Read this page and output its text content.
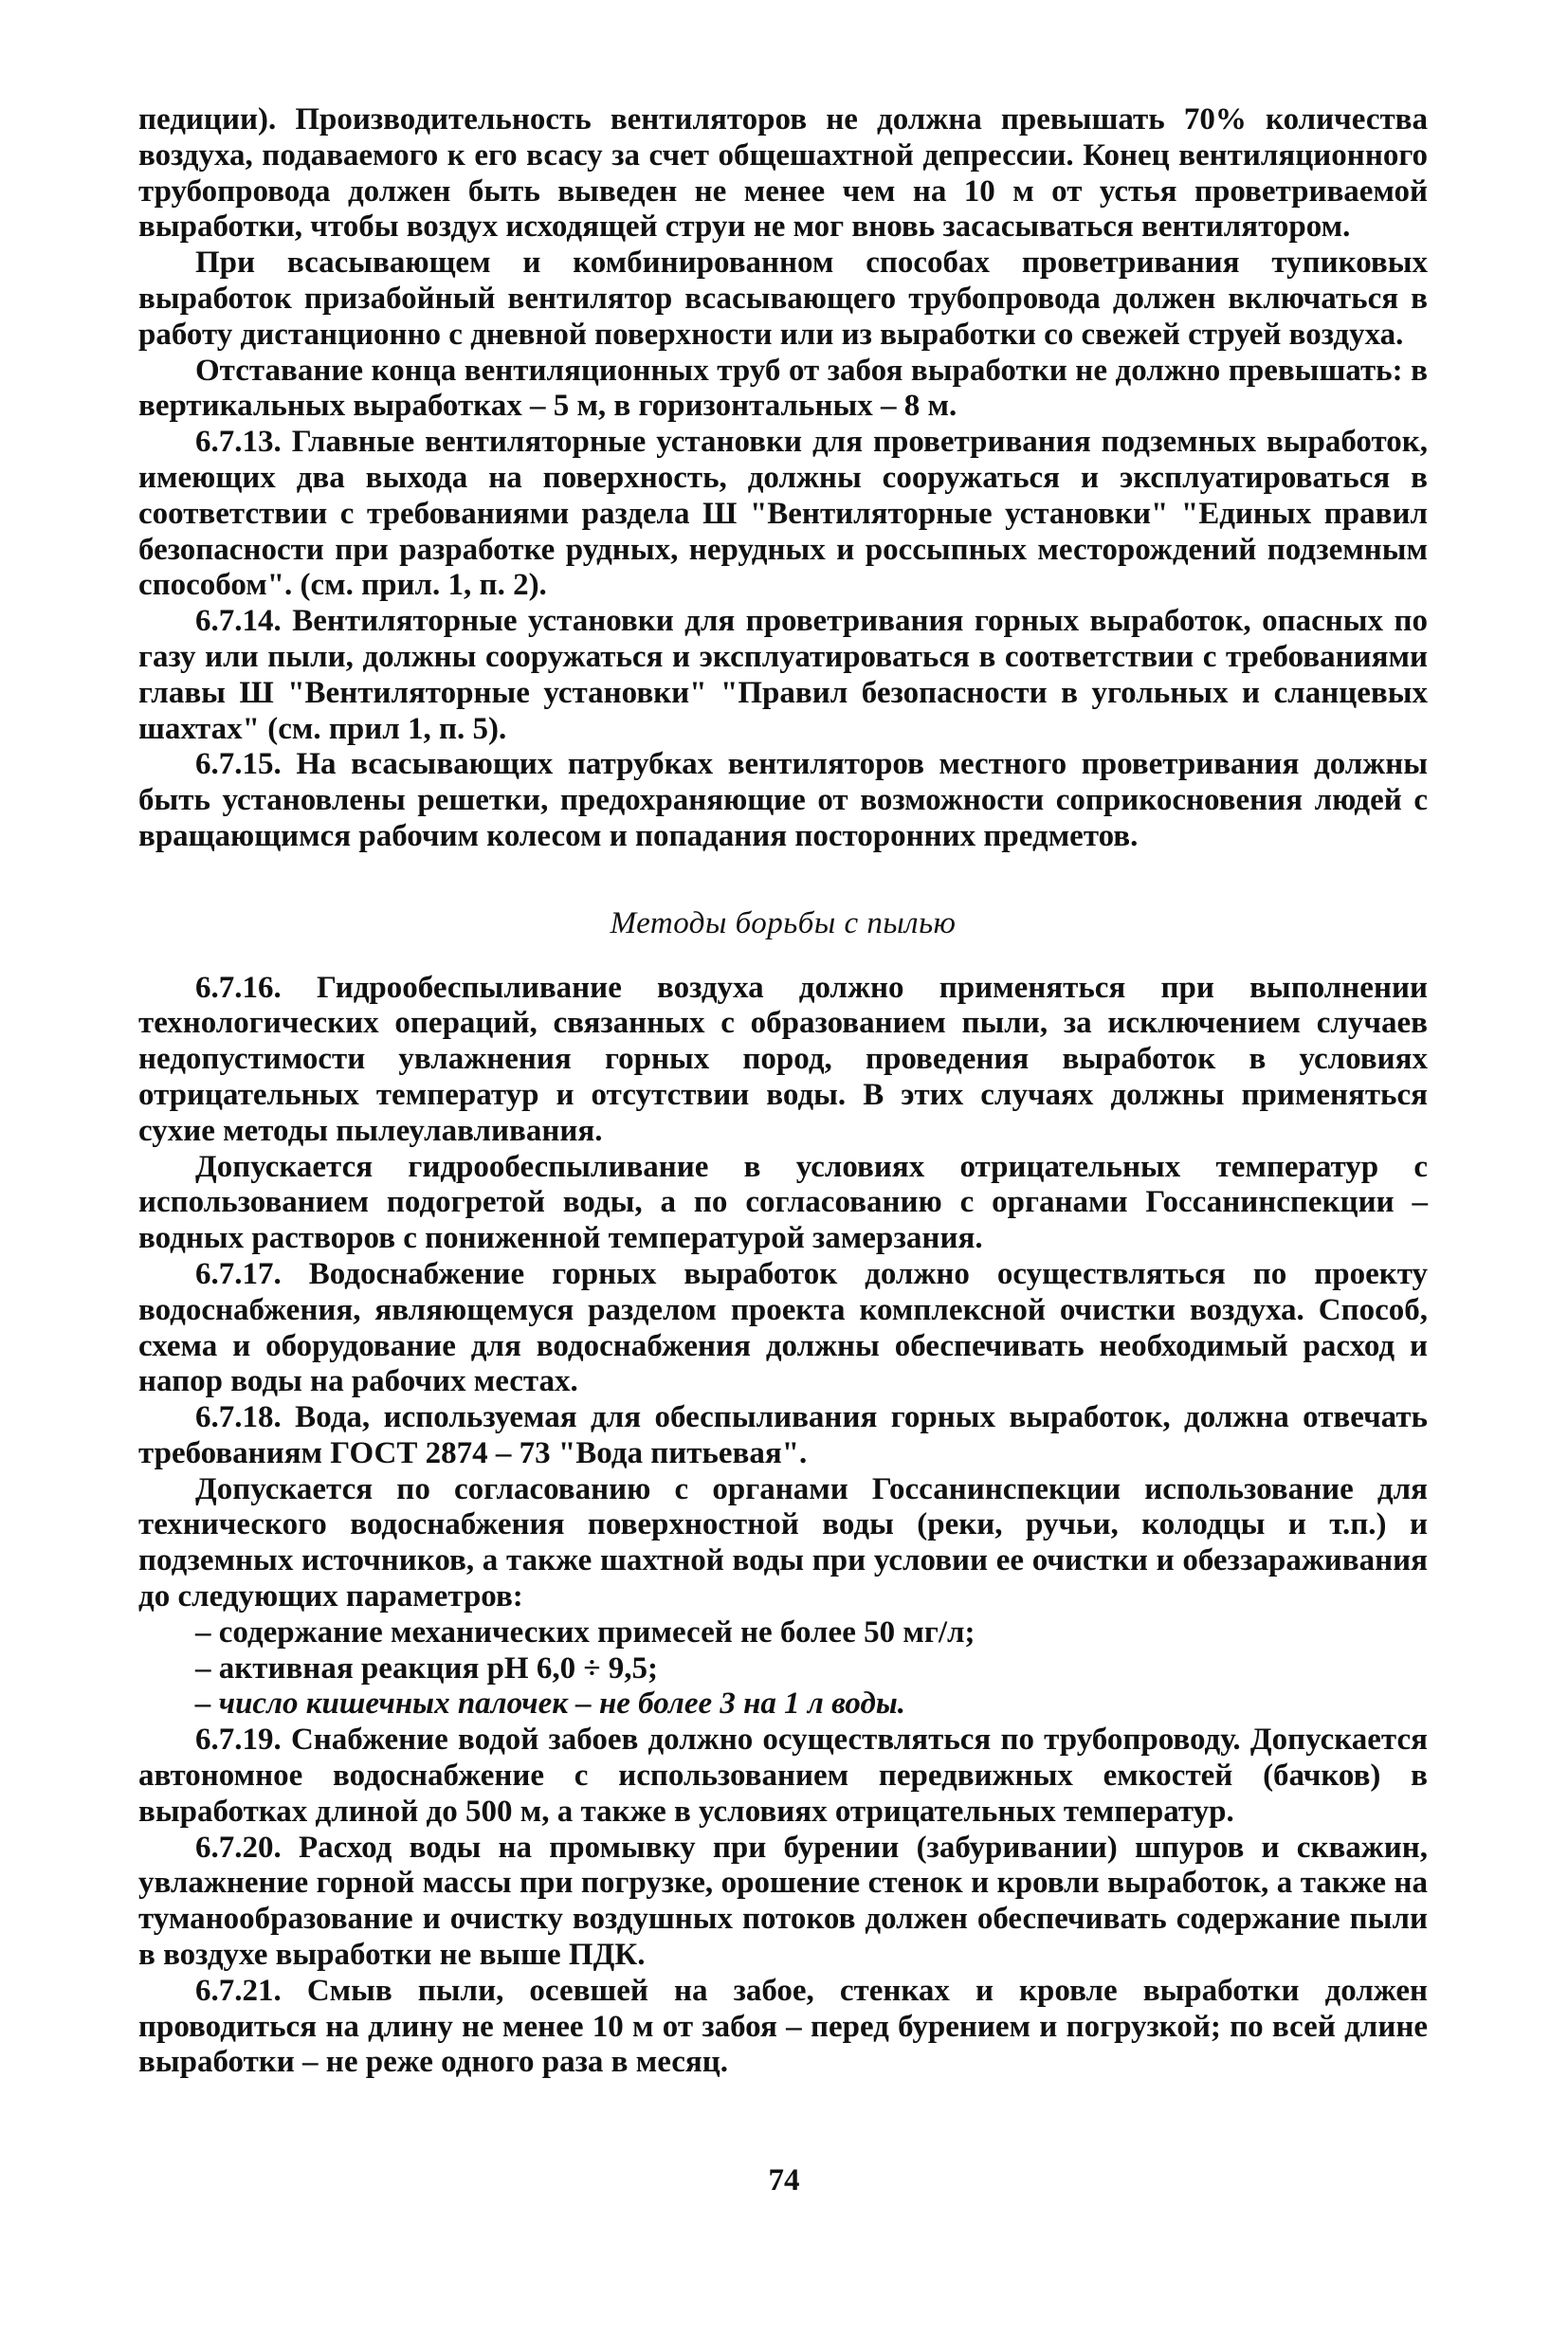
педиции). Производительность вентиляторов не должна превышать 70% количества воздуха, подаваемого к его всасу за счет общешахтной депрессии. Конец вентиляционного трубопровода должен быть выведен не менее чем на 10 м от устья проветриваемой выработки, чтобы воздух исходящей струи не мог вновь засасываться вентилятором.

При всасывающем и комбинированном способах проветривания тупиковых выработок призабойный вентилятор всасывающего трубопровода должен включаться в работу дистанционно с дневной поверхности или из выработки со свежей струей воздуха.

Отставание конца вентиляционных труб от забоя выработки не должно превышать: в вертикальных выработках – 5 м, в горизонтальных – 8 м.

6.7.13. Главные вентиляторные установки для проветривания подземных выработок, имеющих два выхода на поверхность, должны сооружаться и эксплуатироваться в соответствии с требованиями раздела Ш "Вентиляторные установки" "Единых правил безопасности при разработке рудных, нерудных и россыпных месторождений подземным способом". (см. прил. 1, п. 2).

6.7.14. Вентиляторные установки для проветривания горных выработок, опасных по газу или пыли, должны сооружаться и эксплуатироваться в соответствии с требованиями главы Ш "Вентиляторные установки" "Правил безопасности в угольных и сланцевых шахтах" (см. прил 1, п. 5).

6.7.15. На всасывающих патрубках вентиляторов местного проветривания должны быть установлены решетки, предохраняющие от возможности соприкосновения людей с вращающимся рабочим колесом и попадания посторонних предметов.

Методы борьбы с пылью

6.7.16. Гидрообеспыливание воздуха должно применяться при выполнении технологических операций, связанных с образованием пыли, за исключением случаев недопустимости увлажнения горных пород, проведения выработок в условиях отрицательных температур и отсутствии воды. В этих случаях должны применяться сухие методы пылеулавливания.

Допускается гидрообеспыливание в условиях отрицательных температур с использованием подогретой воды, а по согласованию с органами Госсанинспекции – водных растворов с пониженной температурой замерзания.

6.7.17. Водоснабжение горных выработок должно осуществляться по проекту водоснабжения, являющемуся разделом проекта комплексной очистки воздуха. Способ, схема и оборудование для водоснабжения должны обеспечивать необходимый расход и напор воды на рабочих местах.

6.7.18. Вода, используемая для обеспыливания горных выработок, должна отвечать требованиям ГОСТ 2874 – 73 "Вода питьевая".

Допускается по согласованию с органами Госсанинспекции использование для технического водоснабжения поверхностной воды (реки, ручьи, колодцы и т.п.) и подземных источников, а также шахтной воды при условии ее очистки и обеззараживания до следующих параметров:

– содержание механических примесей не более 50 мг/л;

– активная реакция рН 6,0 ÷ 9,5;

– число кишечных палочек – не более 3 на 1 л воды.

6.7.19. Снабжение водой забоев должно осуществляться по трубопроводу. Допускается автономное водоснабжение с использованием передвижных емкостей (бачков) в выработках длиной до 500 м, а также в условиях отрицательных температур.

6.7.20. Расход воды на промывку при бурении (забуривании) шпуров и скважин, увлажнение горной массы при погрузке, орошение стенок и кровли выработок, а также на туманообразование и очистку воздушных потоков должен обеспечивать содержание пыли в воздухе выработки не выше ПДК.

6.7.21. Смыв пыли, осевшей на забое, стенках и кровле выработки должен проводиться на длину не менее 10 м от забоя – перед бурением и погрузкой; по всей длине выработки – не реже одного раза в месяц.

74
